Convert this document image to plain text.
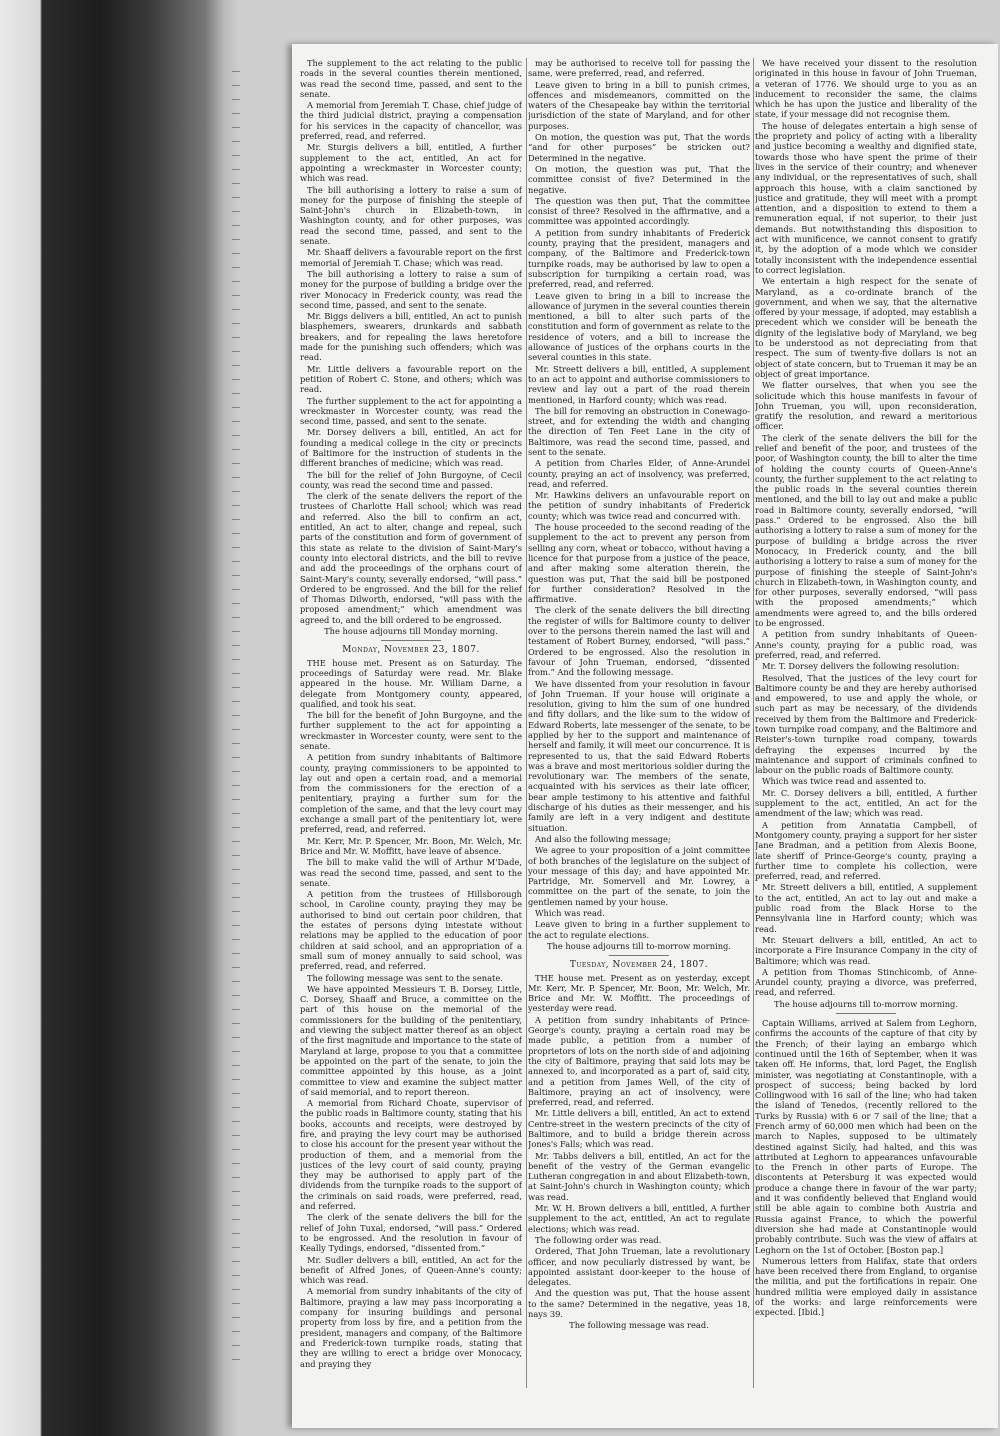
The supplement to the act relating to the public roads in the several counties therein mentioned, was read the second time, passed, and sent to the senate.

A memorial from Jeremiah T. Chase, chief judge of the third judicial district, praying a compensation for his services in the capacity of chancellor, was preferred, read, and referred.

Mr. Sturgis delivers a bill, entitled, A further supplement to the act, entitled, An act for appointing a wreckmaster in Worcester county; which was read.

The bill authorising a lottery to raise a sum of money for the purpose of finishing the steeple of Saint-John's church in Elizabeth-town, in Washington county, and for other purposes, was read the second time, passed, and sent to the senate.

Mr. Shaaff delivers a favourable report on the first memorial of Jeremiah T. Chase; which was read.

The bill authorising a lottery to raise a sum of money for the purpose of building a bridge over the river Monocacy in Frederick county, was read the second time, passed, and sent to the senate.

Mr. Biggs delivers a bill, entitled, An act to punish blasphemers, swearers, drunkards and sabbath breakers, and for repealing the laws heretofore made for the punishing such offenders; which was read.

Mr. Little delivers a favourable report on the petition of Robert C. Stone, and others; which was read.

The further supplement to the act for appointing a wreckmaster in Worcester county, was read the second time, passed, and sent to the senate.

Mr. Dorsey delivers a bill, entitled, An act for founding a medical college in the city or precincts of Baltimore for the instruction of students in the different branches of medicine; which was read.

The bill for the relief of John Burgoyne, of Cecil county, was read the second time and passed.

The clerk of the senate delivers the report of the trustees of Charlotte Hall school; which was read and referred. Also the bill to confirm an act, entitled, An act to alter, change and repeal, such parts of the constitution and form of government of this state as relate to the division of Saint-Mary's county into electoral districts, and the bill to revive and add the proceedings of the orphans court of Saint-Mary's county, severally endorsed, “will pass.” Ordered to be engrossed. And the bill for the relief of Thomas Dilworth, endorsed, “will pass with the proposed amendment;” which amendment was agreed to, and the bill ordered to be engrossed.

The house adjourns till Monday morning.

Monday, November 23, 1807.

THE house met. Present as on Saturday. The proceedings of Saturday were read. Mr. Blake appeared in the house. Mr. William Darne, a delegate from Montgomery county, appeared, qualified, and took his seat.

The bill for the benefit of John Burgoyne, and the further supplement to the act for appointing a wreckmaster in Worcester county, were sent to the senate.

A petition from sundry inhabitants of Baltimore county, praying commissioners to be appointed to lay out and open a certain road, and a memorial from the commissioners for the erection of a penitentiary, praying a further sum for the completion of the same, and that the levy court may exchange a small part of the penitentiary lot, were preferred, read, and referred.

Mr. Kerr, Mr. P. Spencer, Mr. Boon, Mr. Welch, Mr. Brice and Mr. W. Moffitt, have leave of absence.

The bill to make valid the will of Arthur M'Dade, was read the second time, passed, and sent to the senate.

A petition from the trustees of Hillsborough school, in Caroline county, praying they may be authorised to bind out certain poor children, that the estates of persons dying intestate without relations may be applied to the education of poor children at said school, and an appropriation of a small sum of money annually to said school, was preferred, read, and referred.

The following message was sent to the senate.

We have appointed Messieurs T. B. Dorsey, Little, C. Dorsey, Shaaff and Bruce, a committee on the part of this house on the memorial of the commissioners for the building of the penitentiary, and viewing the subject matter thereof as an object of the first magnitude and importance to the state of Maryland at large, propose to you that a committee be appointed on the part of the senate, to join the committee appointed by this house, as a joint committee to view and examine the subject matter of said memorial, and to report thereon.

A memorial from Richard Choate, supervisor of the public roads in Baltimore county, stating that his books, accounts and receipts, were destroyed by fire, and praying the levy court may be authorised to close his account for the present year without the production of them, and a memorial from the justices of the levy court of said county, praying they may be authorised to apply part of the dividends from the turnpike roads to the support of the criminals on said roads, were preferred, read, and referred.

The clerk of the senate delivers the bill for the relief of John Tuxal, endorsed, “will pass.” Ordered to be engrossed. And the resolution in favour of Keally Tydings, endorsed, “dissented from.”

Mr. Sudler delivers a bill, entitled, An act for the benefit of Alfred Jones, of Queen-Anne's county; which was read.

A memorial from sundry inhabitants of the city of Baltimore, praying a law may pass incorporating a company for insuring buildings and personal property from loss by fire, and a petition from the president, managers and company, of the Baltimore and Frederick-town turnpike roads, stating that they are willing to erect a bridge over Monocacy, and praying they

may be authorised to receive toll for passing the same, were preferred, read, and referred.

Leave given to bring in a bill to punish crimes, offences and misdemeanors, committed on the waters of the Chesapeake bay within the territorial jurisdiction of the state of Maryland, and for other purposes.

On motion, the question was put, That the words “and for other purposes” be stricken out? Determined in the negative.

On motion, the question was put, That the committee consist of five? Determined in the negative.

The question was then put, That the committee consist of three? Resolved in the affirmative, and a committee was appointed accordingly.

A petition from sundry inhabitants of Frederick county, praying that the president, managers and company, of the Baltimore and Frederick-town turnpike roads, may be authorised by law to open a subscription for turnpiking a certain road, was preferred, read, and referred.

Leave given to bring in a bill to increase the allowance of jurymen in the several counties therein mentioned, a bill to alter such parts of the constitution and form of government as relate to the residence of voters, and a bill to increase the allowance of justices of the orphans courts in the several counties in this state.

Mr. Streett delivers a bill, entitled, A supplement to an act to appoint and authorise commissioners to review and lay out a part of the road therein mentioned, in Harford county; which was read.

The bill for removing an obstruction in Conewago-street, and for extending the width and changing the direction of Ten Feet Lane in the city of Baltimore, was read the second time, passed, and sent to the senate.

A petition from Charles Elder, of Anne-Arundel county, praying an act of insolvency, was preferred, read, and referred.

Mr. Hawkins delivers an unfavourable report on the petition of sundry inhabitants of Frederick county; which was twice read and concurred with.

The house proceeded to the second reading of the supplement to the act to prevent any person from selling any corn, wheat or tobacco, without having a licence for that purpose from a justice of the peace, and after making some alteration therein, the question was put, That the said bill be postponed for further consideration? Resolved in the affirmative.

The clerk of the senate delivers the bill directing the register of wills for Baltimore county to deliver over to the persons therein named the last will and testament of Robert Burney, endorsed, “will pass.” Ordered to be engrossed. Also the resolution in favour of John Trueman, endorsed, “dissented from.” And the following message.

We have dissented from your resolution in favour of John Trueman. If your house will originate a resolution, giving to him the sum of one hundred and fifty dollars, and the like sum to the widow of Edward Roberts, late messenger of the senate, to be applied by her to the support and maintenance of herself and family, it will meet our concurrence. It is represented to us, that the said Edward Roberts was a brave and most meritorious soldier during the revolutionary war. The members of the senate, acquainted with his services as their late officer, bear ample testimony to his attentive and faithful discharge of his duties as their messenger, and his family are left in a very indigent and destitute situation.

And also the following message;

We agree to your proposition of a joint committee of both branches of the legislature on the subject of your message of this day; and have appointed Mr. Partridge, Mr. Somervell and Mr. Lowrey, a committee on the part of the senate, to join the gentlemen named by your house.

Which was read.

Leave given to bring in a further supplement to the act to regulate elections.

The house adjourns till to-morrow morning.

Tuesday, November 24, 1807.

THE house met. Present as on yesterday, except Mr. Kerr, Mr. P. Spencer, Mr. Boon, Mr. Welch, Mr. Brice and Mr. W. Moffitt. The proceedings of yesterday were read.

A petition from sundry inhabitants of Prince-George's county, praying a certain road may be made public, a petition from a number of proprietors of lots on the north side of and adjoining the city of Baltimore, praying that said lots may be annexed to, and incorporated as a part of, said city, and a petition from James Well, of the city of Baltimore, praying an act of insolvency, were preferred, read, and referred.

Mr. Little delivers a bill, entitled, An act to extend Centre-street in the western precincts of the city of Baltimore, and to build a bridge therein across Jones's Falls; which was read.

Mr. Tabbs delivers a bill, entitled, An act for the benefit of the vestry of the German evangelic Lutheran congregation in and about Elizabeth-town, at Saint-John's church in Washington county; which was read.

Mr. W. H. Brown delivers a bill, entitled, A further supplement to the act, entitled, An act to regulate elections; which was read.

The following order was read.

Ordered, That John Trueman, late a revolutionary officer, and now peculiarly distressed by want, be appointed assistant door-keeper to the house of delegates.

And the question was put, That the house assent to the same? Determined in the negative, yeas 18, nays 39.

The following message was read.

We have received your dissent to the resolution originated in this house in favour of John Trueman, a veteran of 1776. We should urge to you as an inducement to reconsider the same, the claims which he has upon the justice and liberality of the state, if your message did not recognise them.

The house of delegates entertain a high sense of the propriety and policy of acting with a liberality and justice becoming a wealthy and dignified state, towards those who have spent the prime of their lives in the service of their country; and whenever any individual, or the representatives of such, shall approach this house, with a claim sanctioned by justice and gratitude, they will meet with a prompt attention, and a disposition to extend to them a remuneration equal, if not superior, to their just demands. But notwithstanding this disposition to act with munificence, we cannot consent to gratify it, by the adoption of a mode which we consider totally inconsistent with the independence essential to correct legislation.

We entertain a high respect for the senate of Maryland, as a co-ordinate branch of the government, and when we say, that the alternative offered by your message, if adopted, may establish a precedent which we consider will be beneath the dignity of the legislative body of Maryland, we beg to be understood as not depreciating from that respect. The sum of twenty-five dollars is not an object of state concern, but to Trueman it may be an object of great importance.

We flatter ourselves, that when you see the solicitude which this house manifests in favour of John Trueman, you will, upon reconsideration, gratify the resolution, and reward a meritorious officer.

The clerk of the senate delivers the bill for the relief and benefit of the poor, and trustees of the poor, of Washington county, the bill to alter the time of holding the county courts of Queen-Anne's county, the further supplement to the act relating to the public roads in the several counties therein mentioned, and the bill to lay out and make a public road in Baltimore county, severally endorsed, “will pass.” Ordered to be engrossed. Also the bill authorising a lottery to raise a sum of money for the purpose of building a bridge across the river Monocacy, in Frederick county, and the bill authorising a lottery to raise a sum of money for the purpose of finishing the steeple of Saint-John's church in Elizabeth-town, in Washington county, and for other purposes, severally endorsed, “will pass with the proposed amendments;” which amendments were agreed to, and the bills ordered to be engrossed.

A petition from sundry inhabitants of Queen-Anne's county, praying for a public road, was preferred, read, and referred.

Mr. T. Dorsey delivers the following resolution:

Resolved, That the justices of the levy court for Baltimore county be and they are hereby authorised and empowered, to use and apply the whole, or such part as may be necessary, of the dividends received by them from the Baltimore and Frederick-town turnpike road company, and the Baltimore and Reister's-town turnpike road company, towards defraying the expenses incurred by the maintenance and support of criminals confined to labour on the public roads of Baltimore county.

Which was twice read and assented to.

Mr. C. Dorsey delivers a bill, entitled, A further supplement to the act, entitled, An act for the amendment of the law; which was read.

A petition from Annatatia Campbell, of Montgomery county, praying a support for her sister Jane Bradman, and a petition from Alexis Boone, late sheriff of Prince-George's county, praying a further time to complete his collection, were preferred, read, and referred.

Mr. Streett delivers a bill, entitled, A supplement to the act, entitled, An act to lay out and make a public road from the Black Horse to the Pennsylvania line in Harford county; which was read.

Mr. Steuart delivers a bill, entitled, An act to incorporate a Fire Insurance Company in the city of Baltimore; which was read.

A petition from Thomas Stinchicomb, of Anne-Arundel county, praying a divorce, was preferred, read, and referred.

The house adjourns till to-morrow morning.

Captain Williams, arrived at Salem from Leghorn, confirms the accounts of the capture of that city by the French; of their laying an embargo which continued until the 16th of September, when it was taken off. He informs, that, lord Paget, the English minister, was negotiating at Constantinople, with a prospect of success; being backed by lord Collingwood with 16 sail of the line; who had taken the island of Tenedos, (recently rellored to the Turks by Russia) with 6 or 7 sail of the line; that a French army of 60,000 men which had been on the march to Naples, supposed to be ultimately destined against Sicily, had halted, and this was attributed at Leghorn to appearances unfavourable to the French in other parts of Europe. The discontents at Petersburg it was expected would produce a change there in favour of the war party; and it was confidently believed that England would still be able again to combine both Austria and Russia against France, to which the powerful diversion she had made at Constantinople would probably contribute. Such was the view of affairs at Leghorn on the 1st of October. [Boston pap.]

Numerous letters from Halifax, state that orders have been received there from England, to organise the militia, and put the fortifications in repair. One hundred militia were employed daily in assistance of the works: and large reinforcements were expected. [Ibid.]
